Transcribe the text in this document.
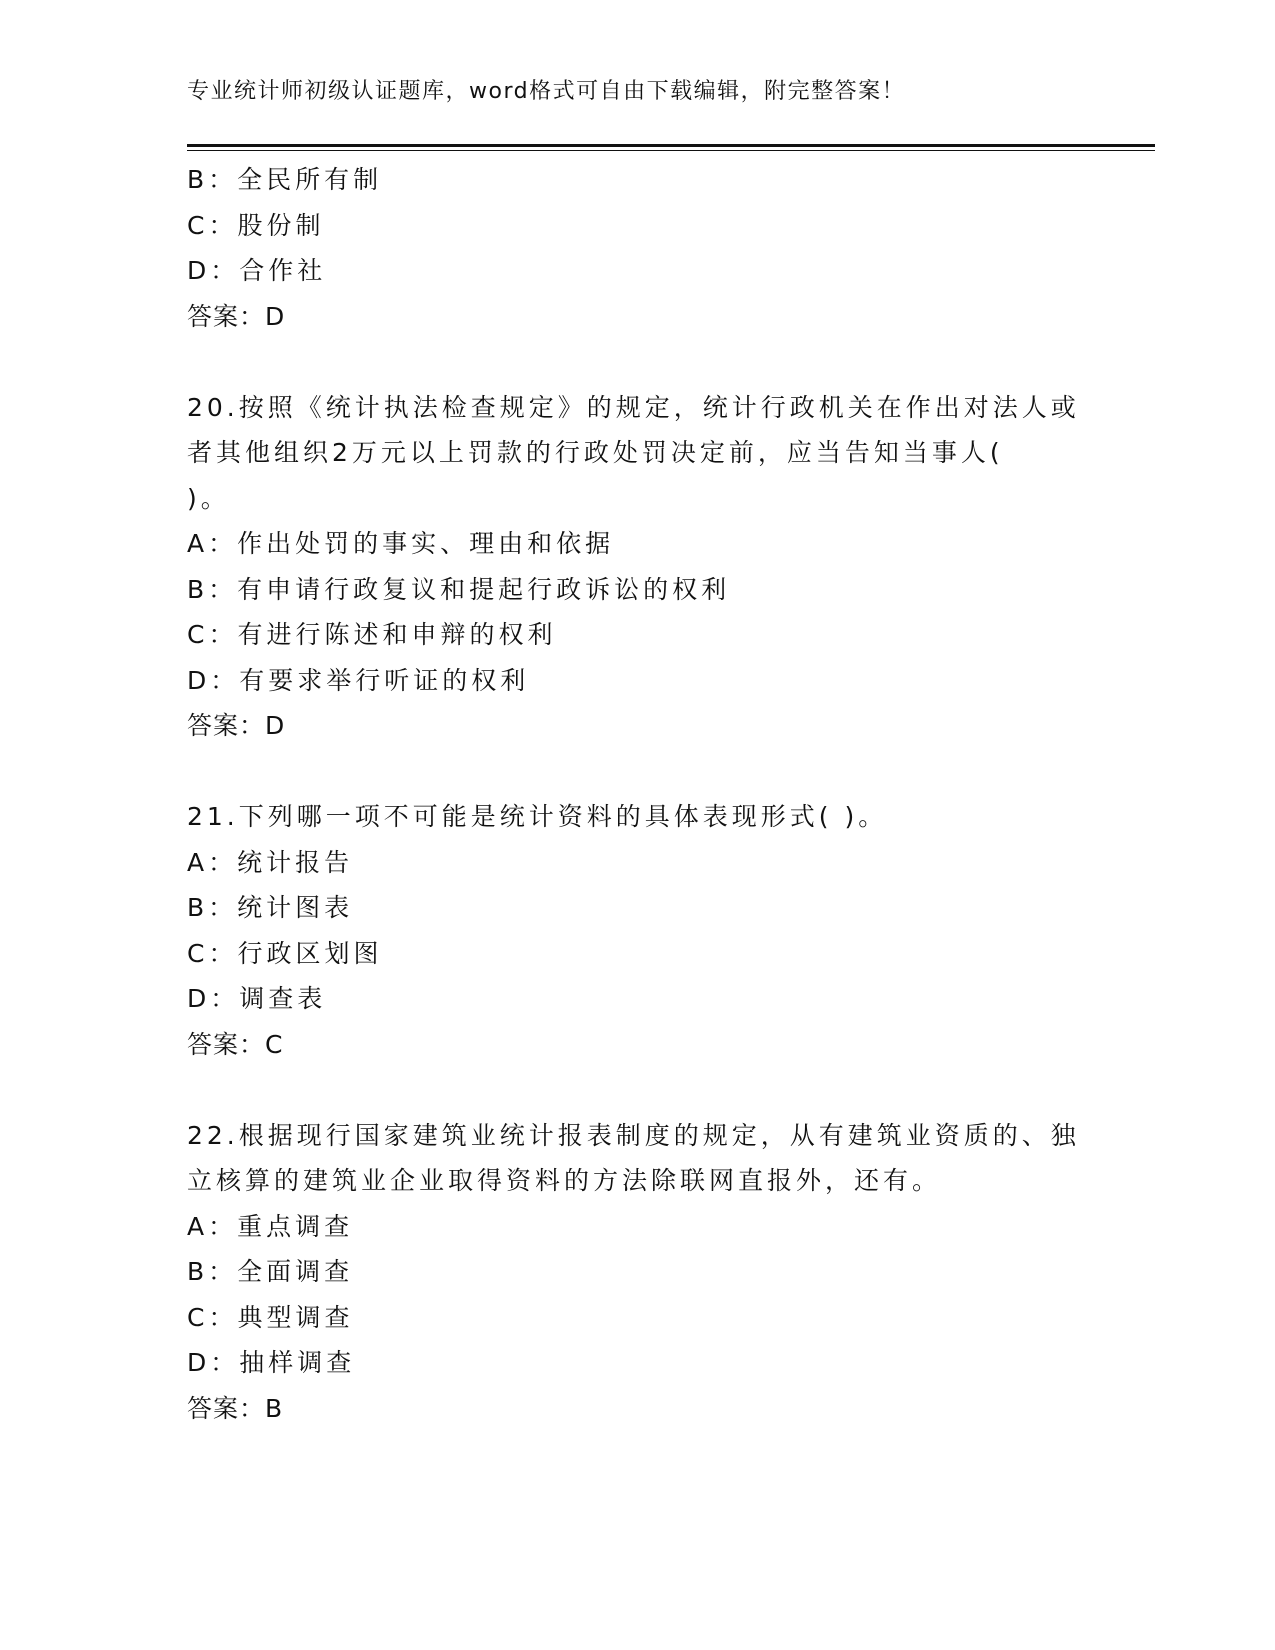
专业统计师初级认证题库，word格式可自由下载编辑，附完整答案！
B：全民所有制
C：股份制
D：合作社
答案：D
20.按照《统计执法检查规定》的规定，统计行政机关在作出对法人或
者其他组织2万元以上罚款的行政处罚决定前，应当告知当事人(
)。
A：作出处罚的事实、理由和依据
B：有申请行政复议和提起行政诉讼的权利
C：有进行陈述和申辩的权利
D：有要求举行听证的权利
答案：D
21.下列哪一项不可能是统计资料的具体表现形式( )。
A：统计报告
B：统计图表
C：行政区划图
D：调查表
答案：C
22.根据现行国家建筑业统计报表制度的规定，从有建筑业资质的、独
立核算的建筑业企业取得资料的方法除联网直报外，还有。
A：重点调查
B：全面调查
C：典型调查
D：抽样调查
答案：B
